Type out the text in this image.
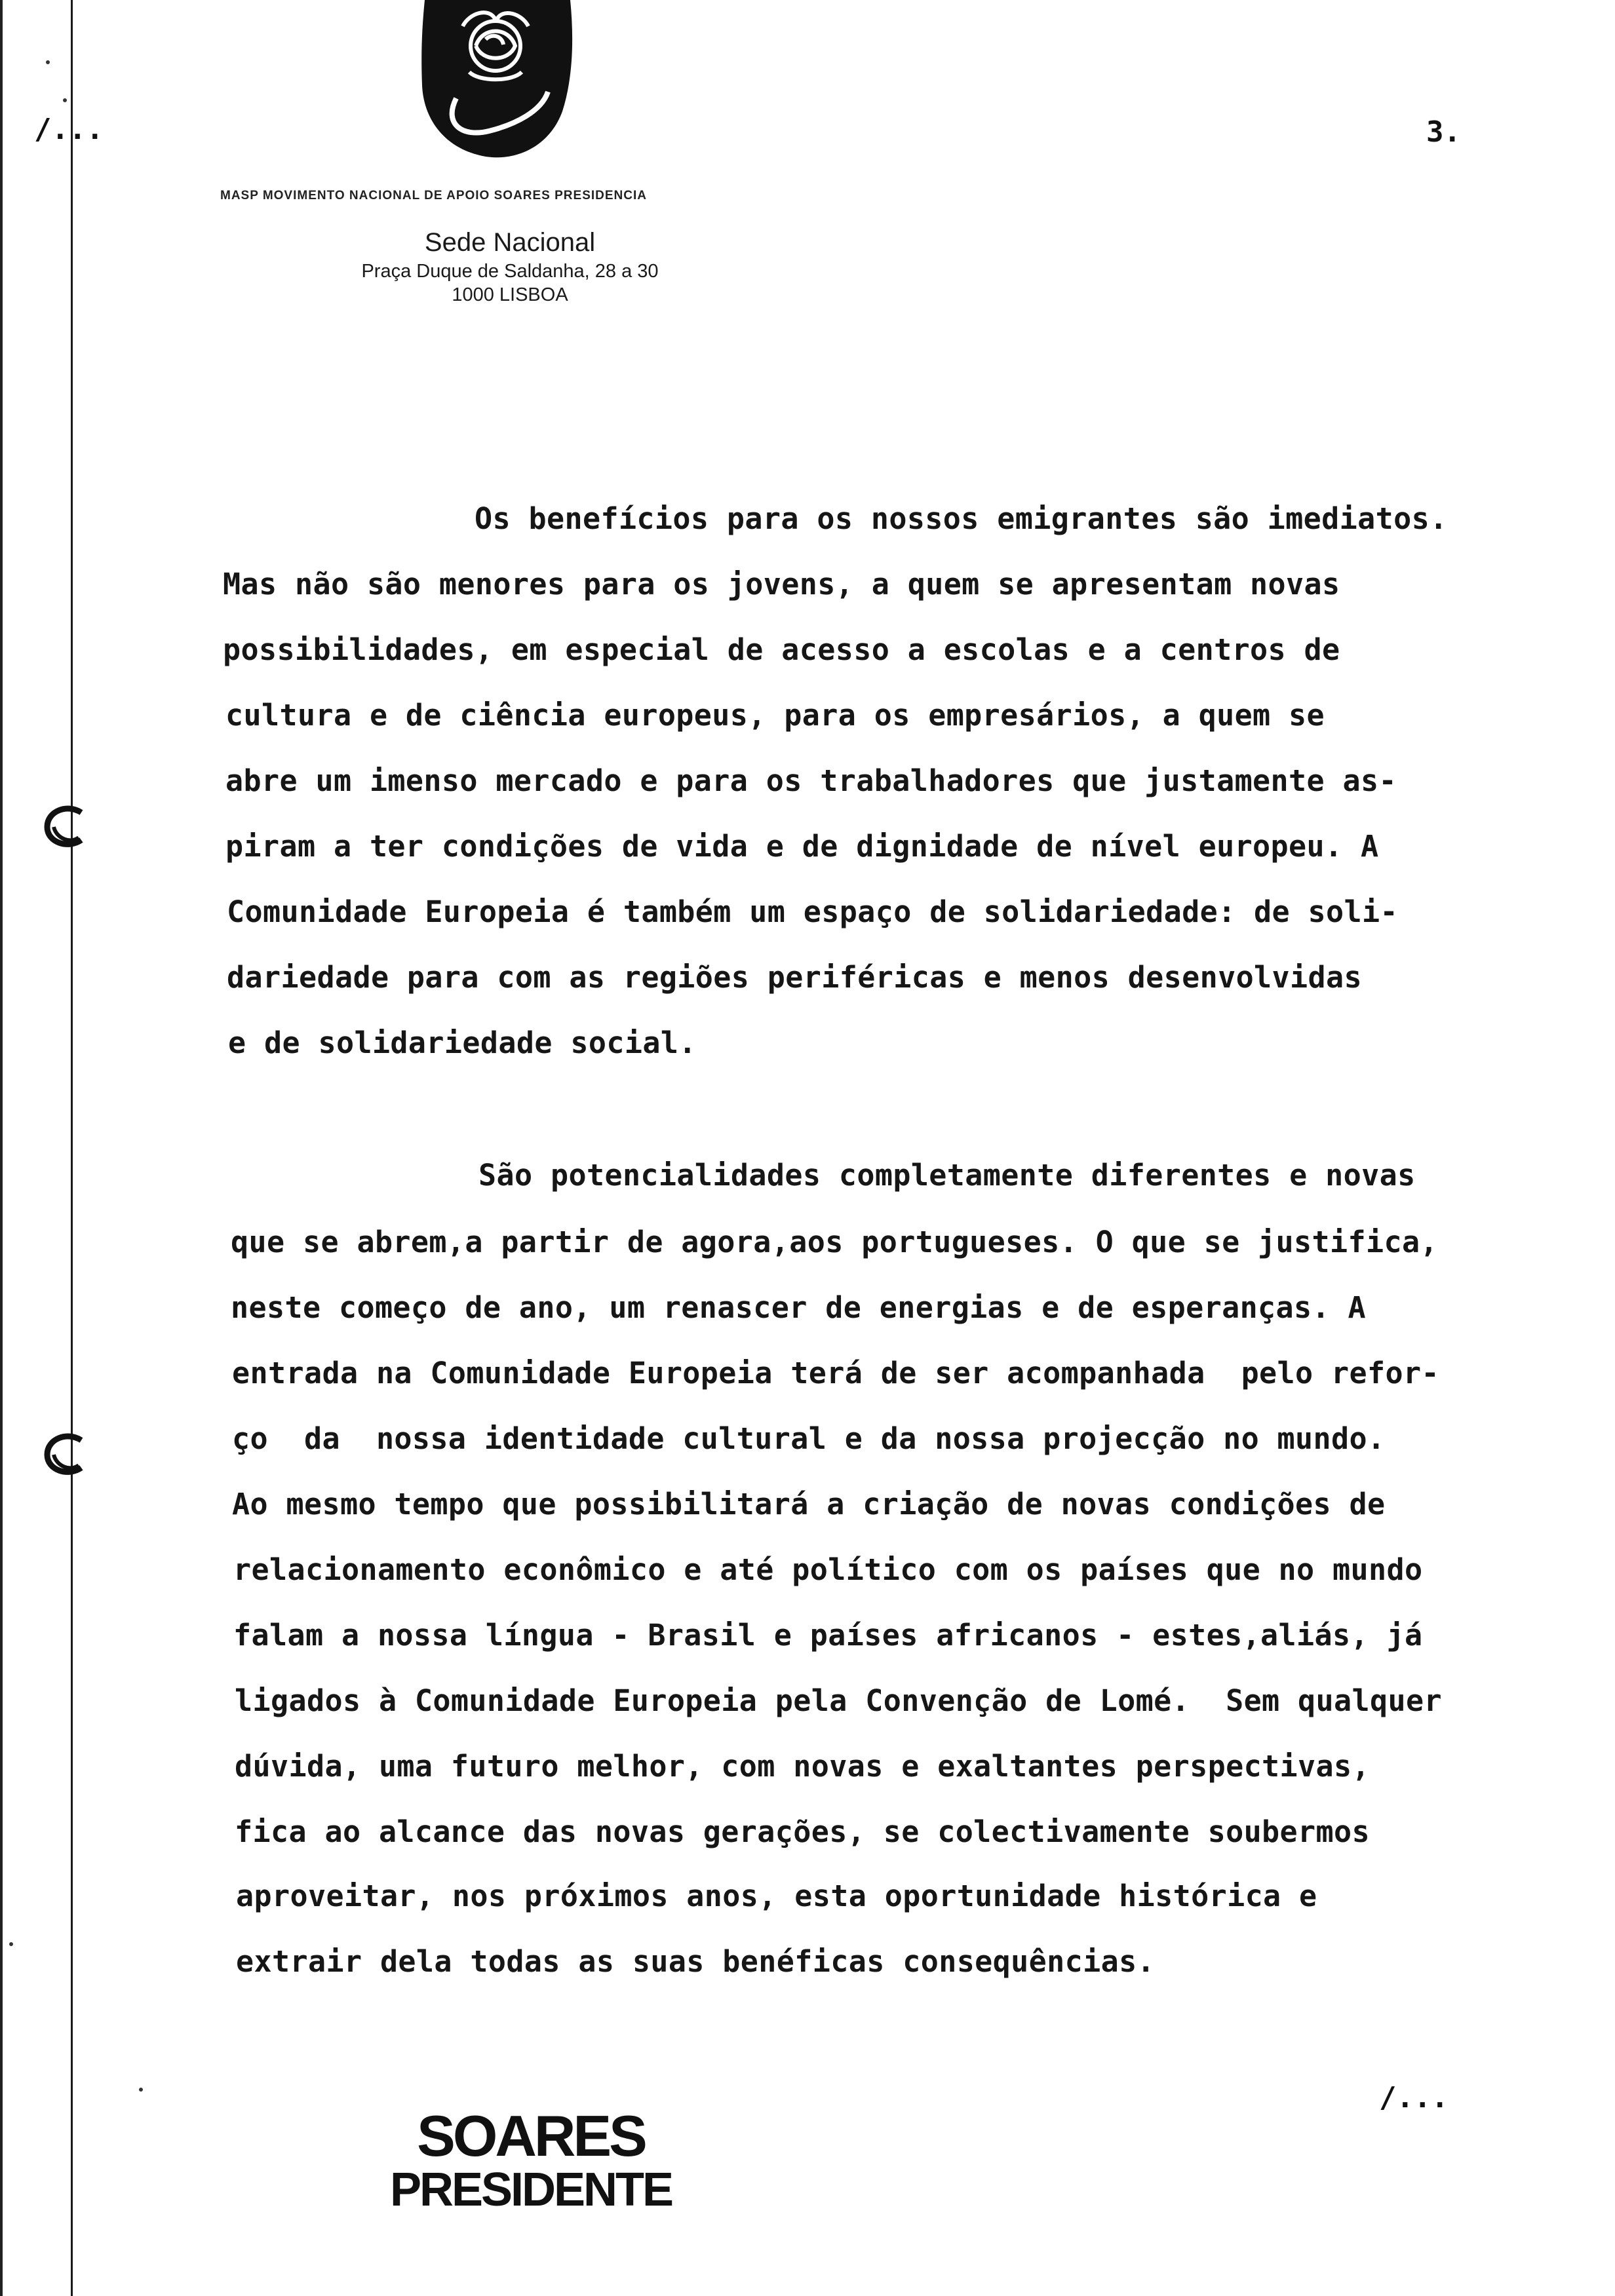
/...
MASP MOVIMENTO NACIONAL DE APOIO SOARES PRESIDENCIA
Sede Nacional
Praça Duque de Saldanha, 28 a 30
1000 LISBOA
3.
Os benefícios para os nossos emigrantes são imediatos.
Mas não são menores para os jovens, a quem se apresentam novas
possibilidades, em especial de acesso a escolas e a centros de
cultura e de ciência europeus, para os empresários, a quem se
abre um imenso mercado e para os trabalhadores que justamente as-
piram a ter condições de vida e de dignidade de nível europeu. A
Comunidade Europeia é também um espaço de solidariedade: de soli-
dariedade para com as regiões periféricas e menos desenvolvidas
e de solidariedade social.
São potencialidades completamente diferentes e novas
que se abrem,a partir de agora,aos portugueses. O que se justifica,
neste começo de ano, um renascer de energias e de esperanças. A
entrada na Comunidade Europeia terá de ser acompanhada  pelo refor-
ço  da  nossa identidade cultural e da nossa projecção no mundo.
Ao mesmo tempo que possibilitará a criação de novas condições de
relacionamento econômico e até político com os países que no mundo
falam a nossa língua - Brasil e países africanos - estes,aliás, já
ligados à Comunidade Europeia pela Convenção de Lomé.  Sem qualquer
dúvida, uma futuro melhor, com novas e exaltantes perspectivas,
fica ao alcance das novas gerações, se colectivamente soubermos
aproveitar, nos próximos anos, esta oportunidade histórica e
extrair dela todas as suas benéficas consequências.
/...
SOARES
PRESIDENTE
